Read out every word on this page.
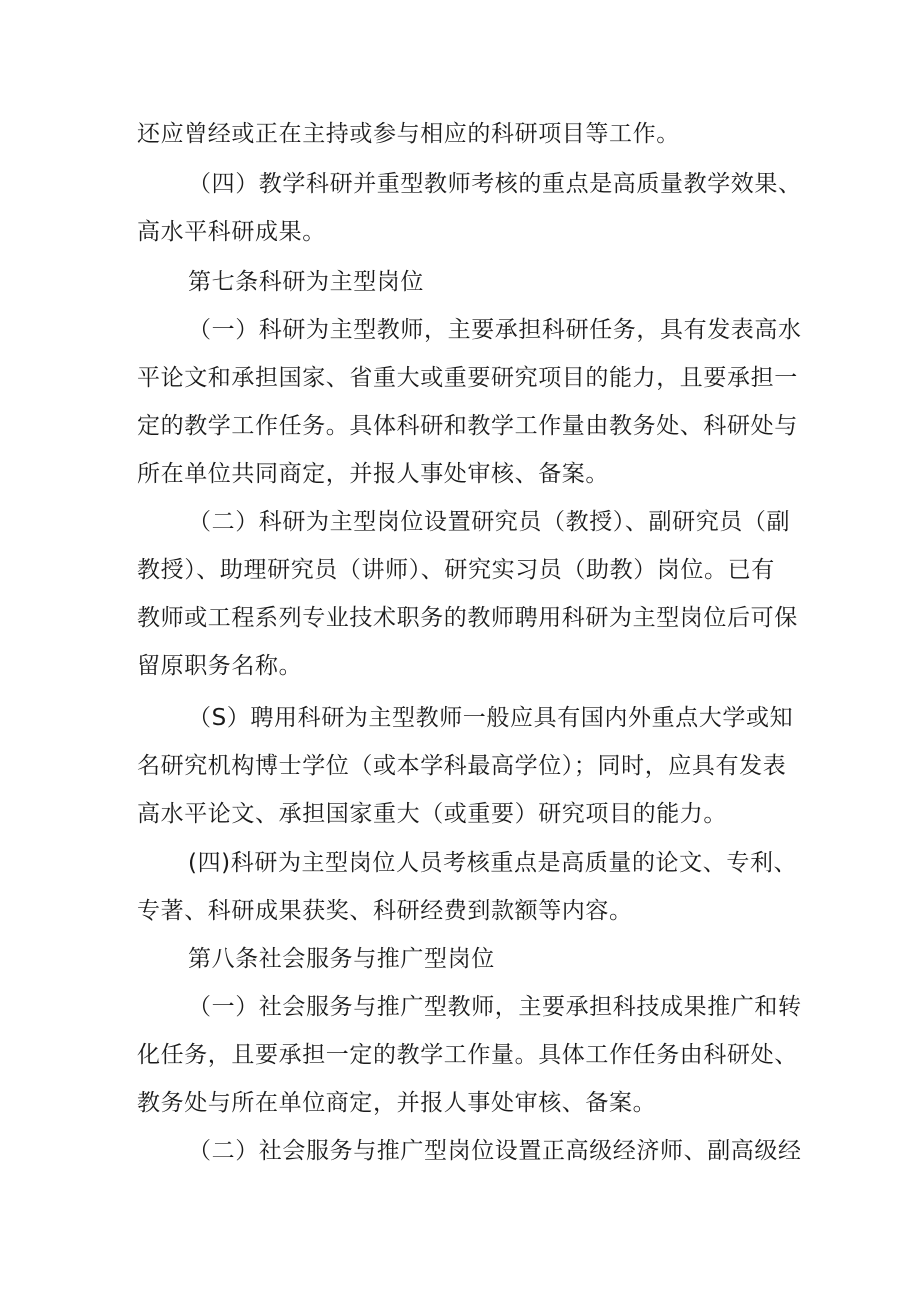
还应曾经或正在主持或参与相应的科研项目等工作。
（四）教学科研并重型教师考核的重点是高质量教学效果、
高水平科研成果。
第七条科研为主型岗位
（一）科研为主型教师，主要承担科研任务，具有发表高水
平论文和承担国家、省重大或重要研究项目的能力，且要承担一
定的教学工作任务。具体科研和教学工作量由教务处、科研处与
所在单位共同商定，并报人事处审核、备案。
（二）科研为主型岗位设置研究员（教授）、副研究员（副
教授）、助理研究员（讲师）、研究实习员（助教）岗位。已有
教师或工程系列专业技术职务的教师聘用科研为主型岗位后可保
留原职务名称。
（S）聘用科研为主型教师一般应具有国内外重点大学或知
名研究机构博士学位（或本学科最高学位）；同时，应具有发表
高水平论文、承担国家重大（或重要）研究项目的能力。
(四)科研为主型岗位人员考核重点是高质量的论文、专利、
专著、科研成果获奖、科研经费到款额等内容。
第八条社会服务与推广型岗位
（一）社会服务与推广型教师，主要承担科技成果推广和转
化任务，且要承担一定的教学工作量。具体工作任务由科研处、
教务处与所在单位商定，并报人事处审核、备案。
（二）社会服务与推广型岗位设置正高级经济师、副高级经
